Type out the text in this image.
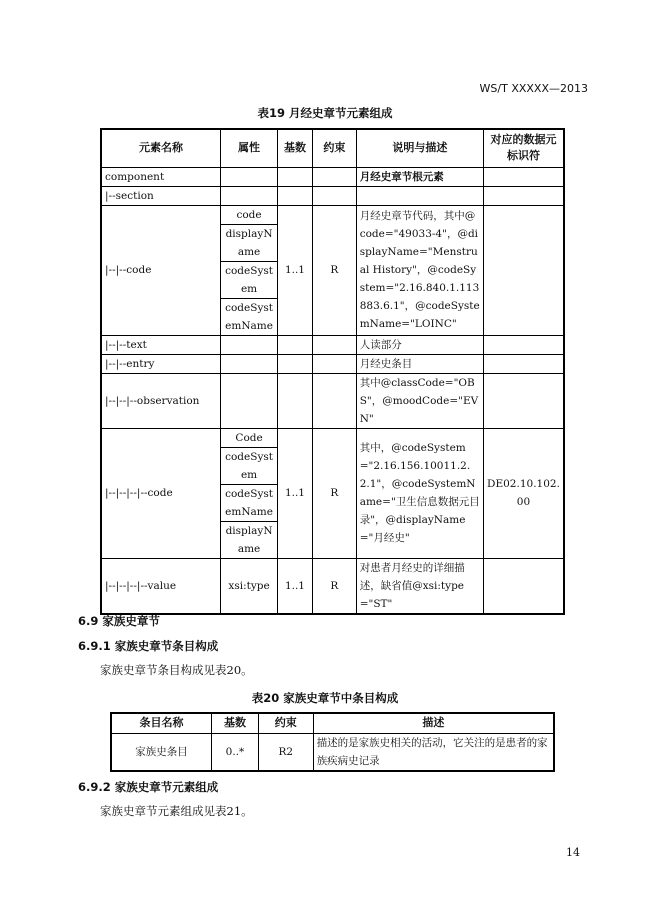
WS/T XXXXX—2013
表19 月经史章节元素组成
元素名称	属性	基数	约束	说明与描述	对应的数据元标识符
component				月经史章节根元素	
|--section					
|--|--code	code	1..1	R	月经史章节代码，其中@code="49033-4"，@displayName="Menstrual History"，@codeSystem="2.16.840.1.113883.6.1"，@codeSystemName="LOINC"	
	displayName				
	codeSystem				
	codeSystemName				
|--|--text				人读部分	
|--|--entry				月经史条目	
|--|--|--observation				其中@classCode="OBS"，@moodCode="EVN"	
|--|--|--|--code	Code	1..1	R	其中，@codeSystem="2.16.156.10011.2.2.1"，@codeSystemName="卫生信息数据元目录"，@displayName="月经史"	DE02.10.102.00
	codeSystem				
	codeSystemName				
	displayName				
|--|--|--|--value	xsi:type	1..1	R	对患者月经史的详细描述，缺省值@xsi:type="ST"	
6.9 家族史章节
6.9.1 家族史章节条目构成
家族史章节条目构成见表20。
表20 家族史章节中条目构成
条目名称	基数	约束	描述
家族史条目	0..*	R2	描述的是家族史相关的活动，它关注的是患者的家族疾病史记录
6.9.2 家族史章节元素组成
家族史章节元素组成见表21。
14
